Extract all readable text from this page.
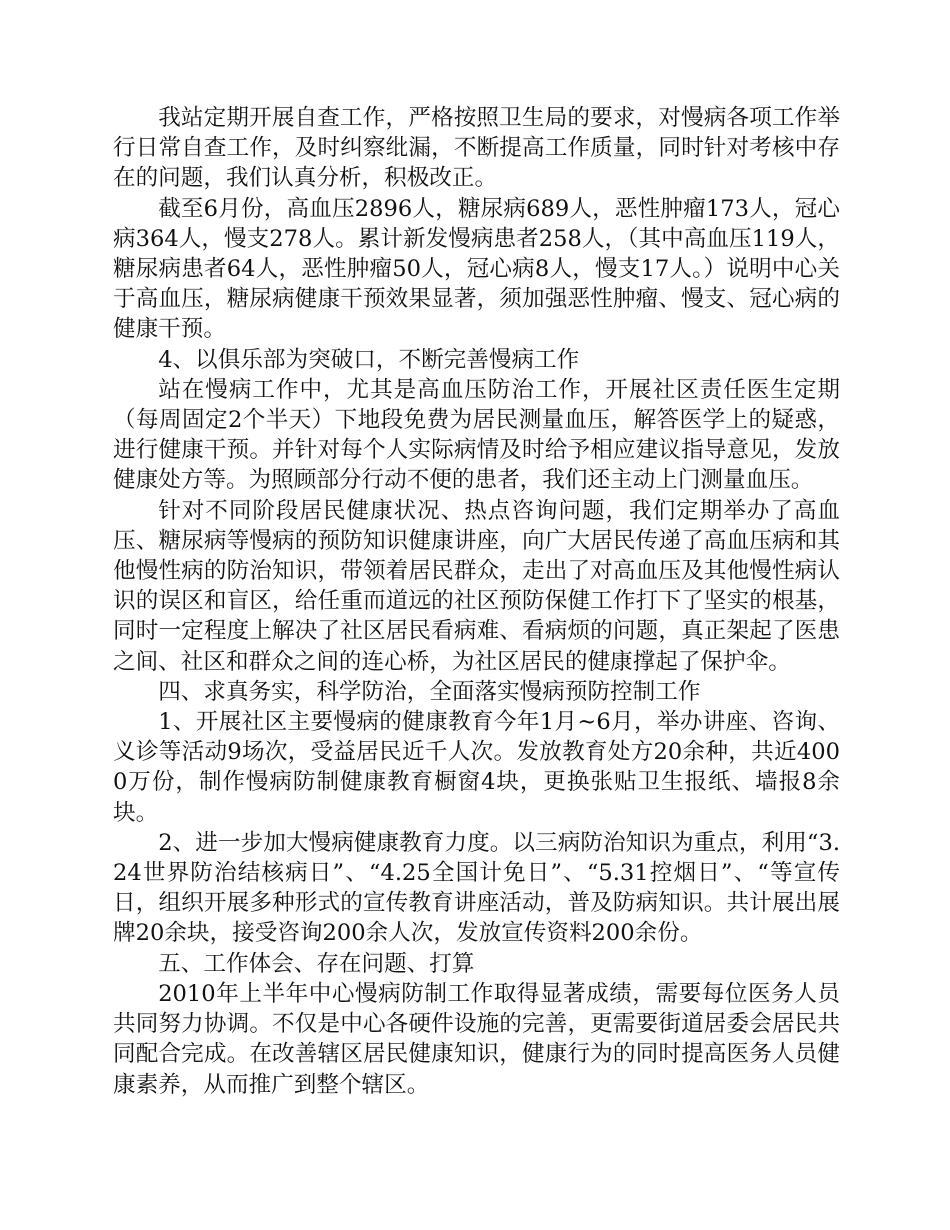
我站定期开展自查工作，严格按照卫生局的要求，对慢病各项工作举行日常自查工作，及时纠察纰漏，不断提高工作质量，同时针对考核中存在的问题，我们认真分析，积极改正。

截至6月份，高血压2896人，糖尿病689人，恶性肿瘤173人，冠心病364人，慢支278人。累计新发慢病患者258人，（其中高血压119人，糖尿病患者64人，恶性肿瘤50人，冠心病8人，慢支17人。）说明中心关于高血压，糖尿病健康干预效果显著，须加强恶性肿瘤、慢支、冠心病的健康干预。

4、以俱乐部为突破口，不断完善慢病工作

站在慢病工作中，尤其是高血压防治工作，开展社区责任医生定期（每周固定2个半天）下地段免费为居民测量血压，解答医学上的疑惑，进行健康干预。并针对每个人实际病情及时给予相应建议指导意见，发放健康处方等。为照顾部分行动不便的患者，我们还主动上门测量血压。

针对不同阶段居民健康状况、热点咨询问题，我们定期举办了高血压、糖尿病等慢病的预防知识健康讲座，向广大居民传递了高血压病和其他慢性病的防治知识，带领着居民群众，走出了对高血压及其他慢性病认识的误区和盲区，给任重而道远的社区预防保健工作打下了坚实的根基，同时一定程度上解决了社区居民看病难、看病烦的问题，真正架起了医患之间、社区和群众之间的连心桥，为社区居民的健康撑起了保护伞。

四、求真务实，科学防治，全面落实慢病预防控制工作

1、开展社区主要慢病的健康教育今年1月~6月，举办讲座、咨询、义诊等活动9场次，受益居民近千人次。发放教育处方20余种，共近4000万份，制作慢病防制健康教育橱窗4块，更换张贴卫生报纸、墙报8余块。

2、进一步加大慢病健康教育力度。以三病防治知识为重点，利用“3.24世界防治结核病日”、“4.25全国计免日”、“5.31控烟日”、“等宣传日，组织开展多种形式的宣传教育讲座活动，普及防病知识。共计展出展牌20余块，接受咨询200余人次，发放宣传资料200余份。

五、工作体会、存在问题、打算

2010年上半年中心慢病防制工作取得显著成绩，需要每位医务人员共同努力协调。不仅是中心各硬件设施的完善，更需要街道居委会居民共同配合完成。在改善辖区居民健康知识，健康行为的同时提高医务人员健康素养，从而推广到整个辖区。
